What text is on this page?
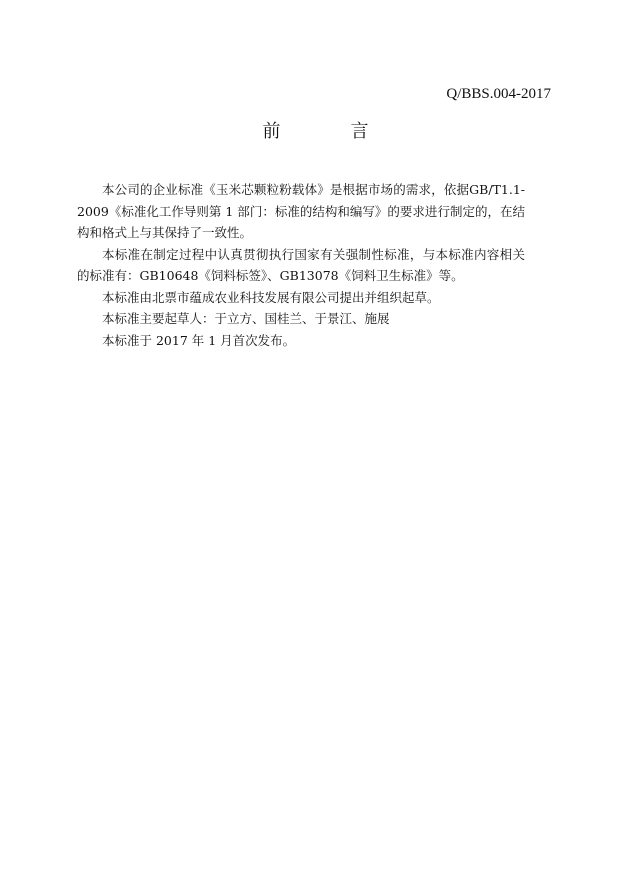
Q/BBS.004-2017
前　言

本公司的企业标准《玉米芯颗粒粉载体》是根据市场的需求，依据GB/T1.1-2009《标准化工作导则第 1 部门：标准的结构和编写》的要求进行制定的，在结构和格式上与其保持了一致性。

本标准在制定过程中认真贯彻执行国家有关强制性标准，与本标准内容相关的标准有：GB10648《饲料标签》、GB13078《饲料卫生标准》等。

本标准由北票市蕴成农业科技发展有限公司提出并组织起草。

本标准主要起草人：于立方、国桂兰、于景江、施展

本标准于 2017 年 1 月首次发布。
